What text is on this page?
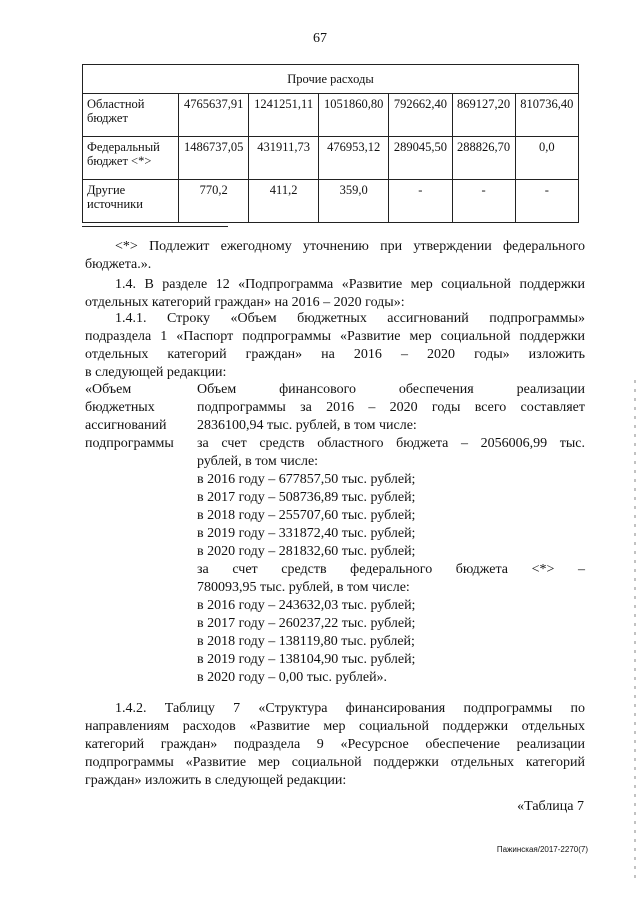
67
Прочие расходы						
Областной бюджет	4765637,91	1241251,11	1051860,80	792662,40	869127,20	810736,40
Федеральный бюджет <*>	1486737,05	431911,73	476953,12	289045,50	288826,70	0,0
Другие источники	770,2	411,2	359,0	-	-	-
<*> Подлежит ежегодному уточнению при утверждении федерального
бюджета.».
1.4. В разделе 12 «Подпрограмма «Развитие мер социальной поддержки
отдельных категорий граждан» на 2016 – 2020 годы»:
1.4.1. Строку «Объем бюджетных ассигнований подпрограммы»
подраздела 1 «Паспорт подпрограммы «Развитие мер социальной поддержки
отдельных категорий граждан» на 2016 – 2020 годы» изложить
в следующей редакции:
«Объем
бюджетных
ассигнований
подпрограммы
Объем финансового обеспечения реализации
подпрограммы за 2016 – 2020 годы всего составляет
2836100,94 тыс. рублей, в том числе:
за счет средств областного бюджета – 2056006,99 тыс.
рублей, в том числе:
в 2016 году – 677857,50 тыс. рублей;
в 2017 году – 508736,89 тыс. рублей;
в 2018 году – 255707,60 тыс. рублей;
в 2019 году – 331872,40 тыс. рублей;
в 2020 году – 281832,60 тыс. рублей;
за счет средств федерального бюджета <*> –
780093,95 тыс. рублей, в том числе:
в 2016 году – 243632,03 тыс. рублей;
в 2017 году – 260237,22 тыс. рублей;
в 2018 году – 138119,80 тыс. рублей;
в 2019 году – 138104,90 тыс. рублей;
в 2020 году – 0,00 тыс. рублей».
1.4.2. Таблицу 7 «Структура финансирования подпрограммы по
направлениям расходов «Развитие мер социальной поддержки отдельных
категорий граждан» подраздела 9 «Ресурсное обеспечение реализации
подпрограммы «Развитие мер социальной поддержки отдельных категорий
граждан» изложить в следующей редакции:
«Таблица 7
Пажинская/2017-2270(7)
